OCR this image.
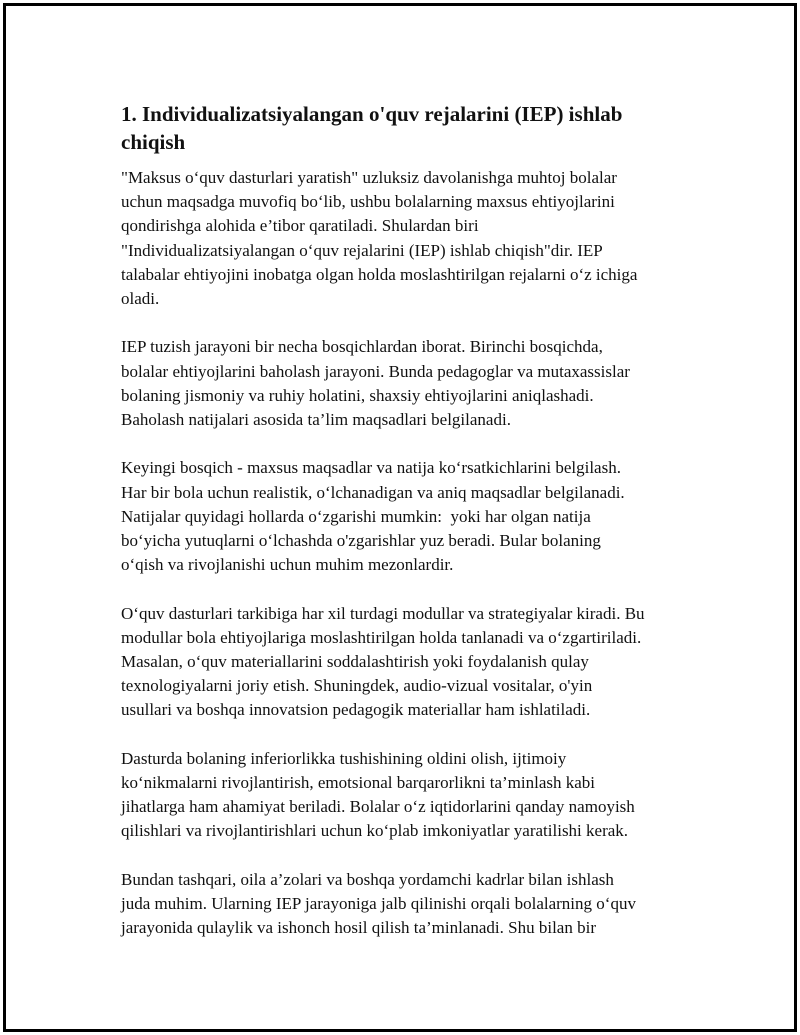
1. Individualizatsiyalangan o'quv rejalarini (IEP) ishlab
chiqish

"Maksus o‘quv dasturlari yaratish" uzluksiz davolanishga muhtoj bolalar
uchun maqsadga muvofiq bo‘lib, ushbu bolalarning maxsus ehtiyojlarini
qondirishga alohida e’tibor qaratiladi. Shulardan biri
"Individualizatsiyalangan o‘quv rejalarini (IEP) ishlab chiqish"dir. IEP
talabalar ehtiyojini inobatga olgan holda moslashtirilgan rejalarni o‘z ichiga
oladi.

IEP tuzish jarayoni bir necha bosqichlardan iborat. Birinchi bosqichda,
bolalar ehtiyojlarini baholash jarayoni. Bunda pedagoglar va mutaxassislar
bolaning jismoniy va ruhiy holatini, shaxsiy ehtiyojlarini aniqlashadi.
Baholash natijalari asosida ta’lim maqsadlari belgilanadi.

Keyingi bosqich - maxsus maqsadlar va natija ko‘rsatkichlarini belgilash.
Har bir bola uchun realistik, o‘lchanadigan va aniq maqsadlar belgilanadi.
Natijalar quyidagi hollarda o‘zgarishi mumkin:  yoki har olgan natija
bo‘yicha yutuqlarni o‘lchashda o'zgarishlar yuz beradi. Bular bolaning
o‘qish va rivojlanishi uchun muhim mezonlardir.

O‘quv dasturlari tarkibiga har xil turdagi modullar va strategiyalar kiradi. Bu
modullar bola ehtiyojlariga moslashtirilgan holda tanlanadi va o‘zgartiriladi.
Masalan, o‘quv materiallarini soddalashtirish yoki foydalanish qulay
texnologiyalarni joriy etish. Shuningdek, audio-vizual vositalar, o'yin
usullari va boshqa innovatsion pedagogik materiallar ham ishlatiladi.

Dasturda bolaning inferiorlikka tushishining oldini olish, ijtimoiy
ko‘nikmalarni rivojlantirish, emotsional barqarorlikni ta’minlash kabi
jihatlarga ham ahamiyat beriladi. Bolalar o‘z iqtidorlarini qanday namoyish
qilishlari va rivojlantirishlari uchun ko‘plab imkoniyatlar yaratilishi kerak.

Bundan tashqari, oila a’zolari va boshqa yordamchi kadrlar bilan ishlash
juda muhim. Ularning IEP jarayoniga jalb qilinishi orqali bolalarning o‘quv
jarayonida qulaylik va ishonch hosil qilish ta’minlanadi. Shu bilan bir
